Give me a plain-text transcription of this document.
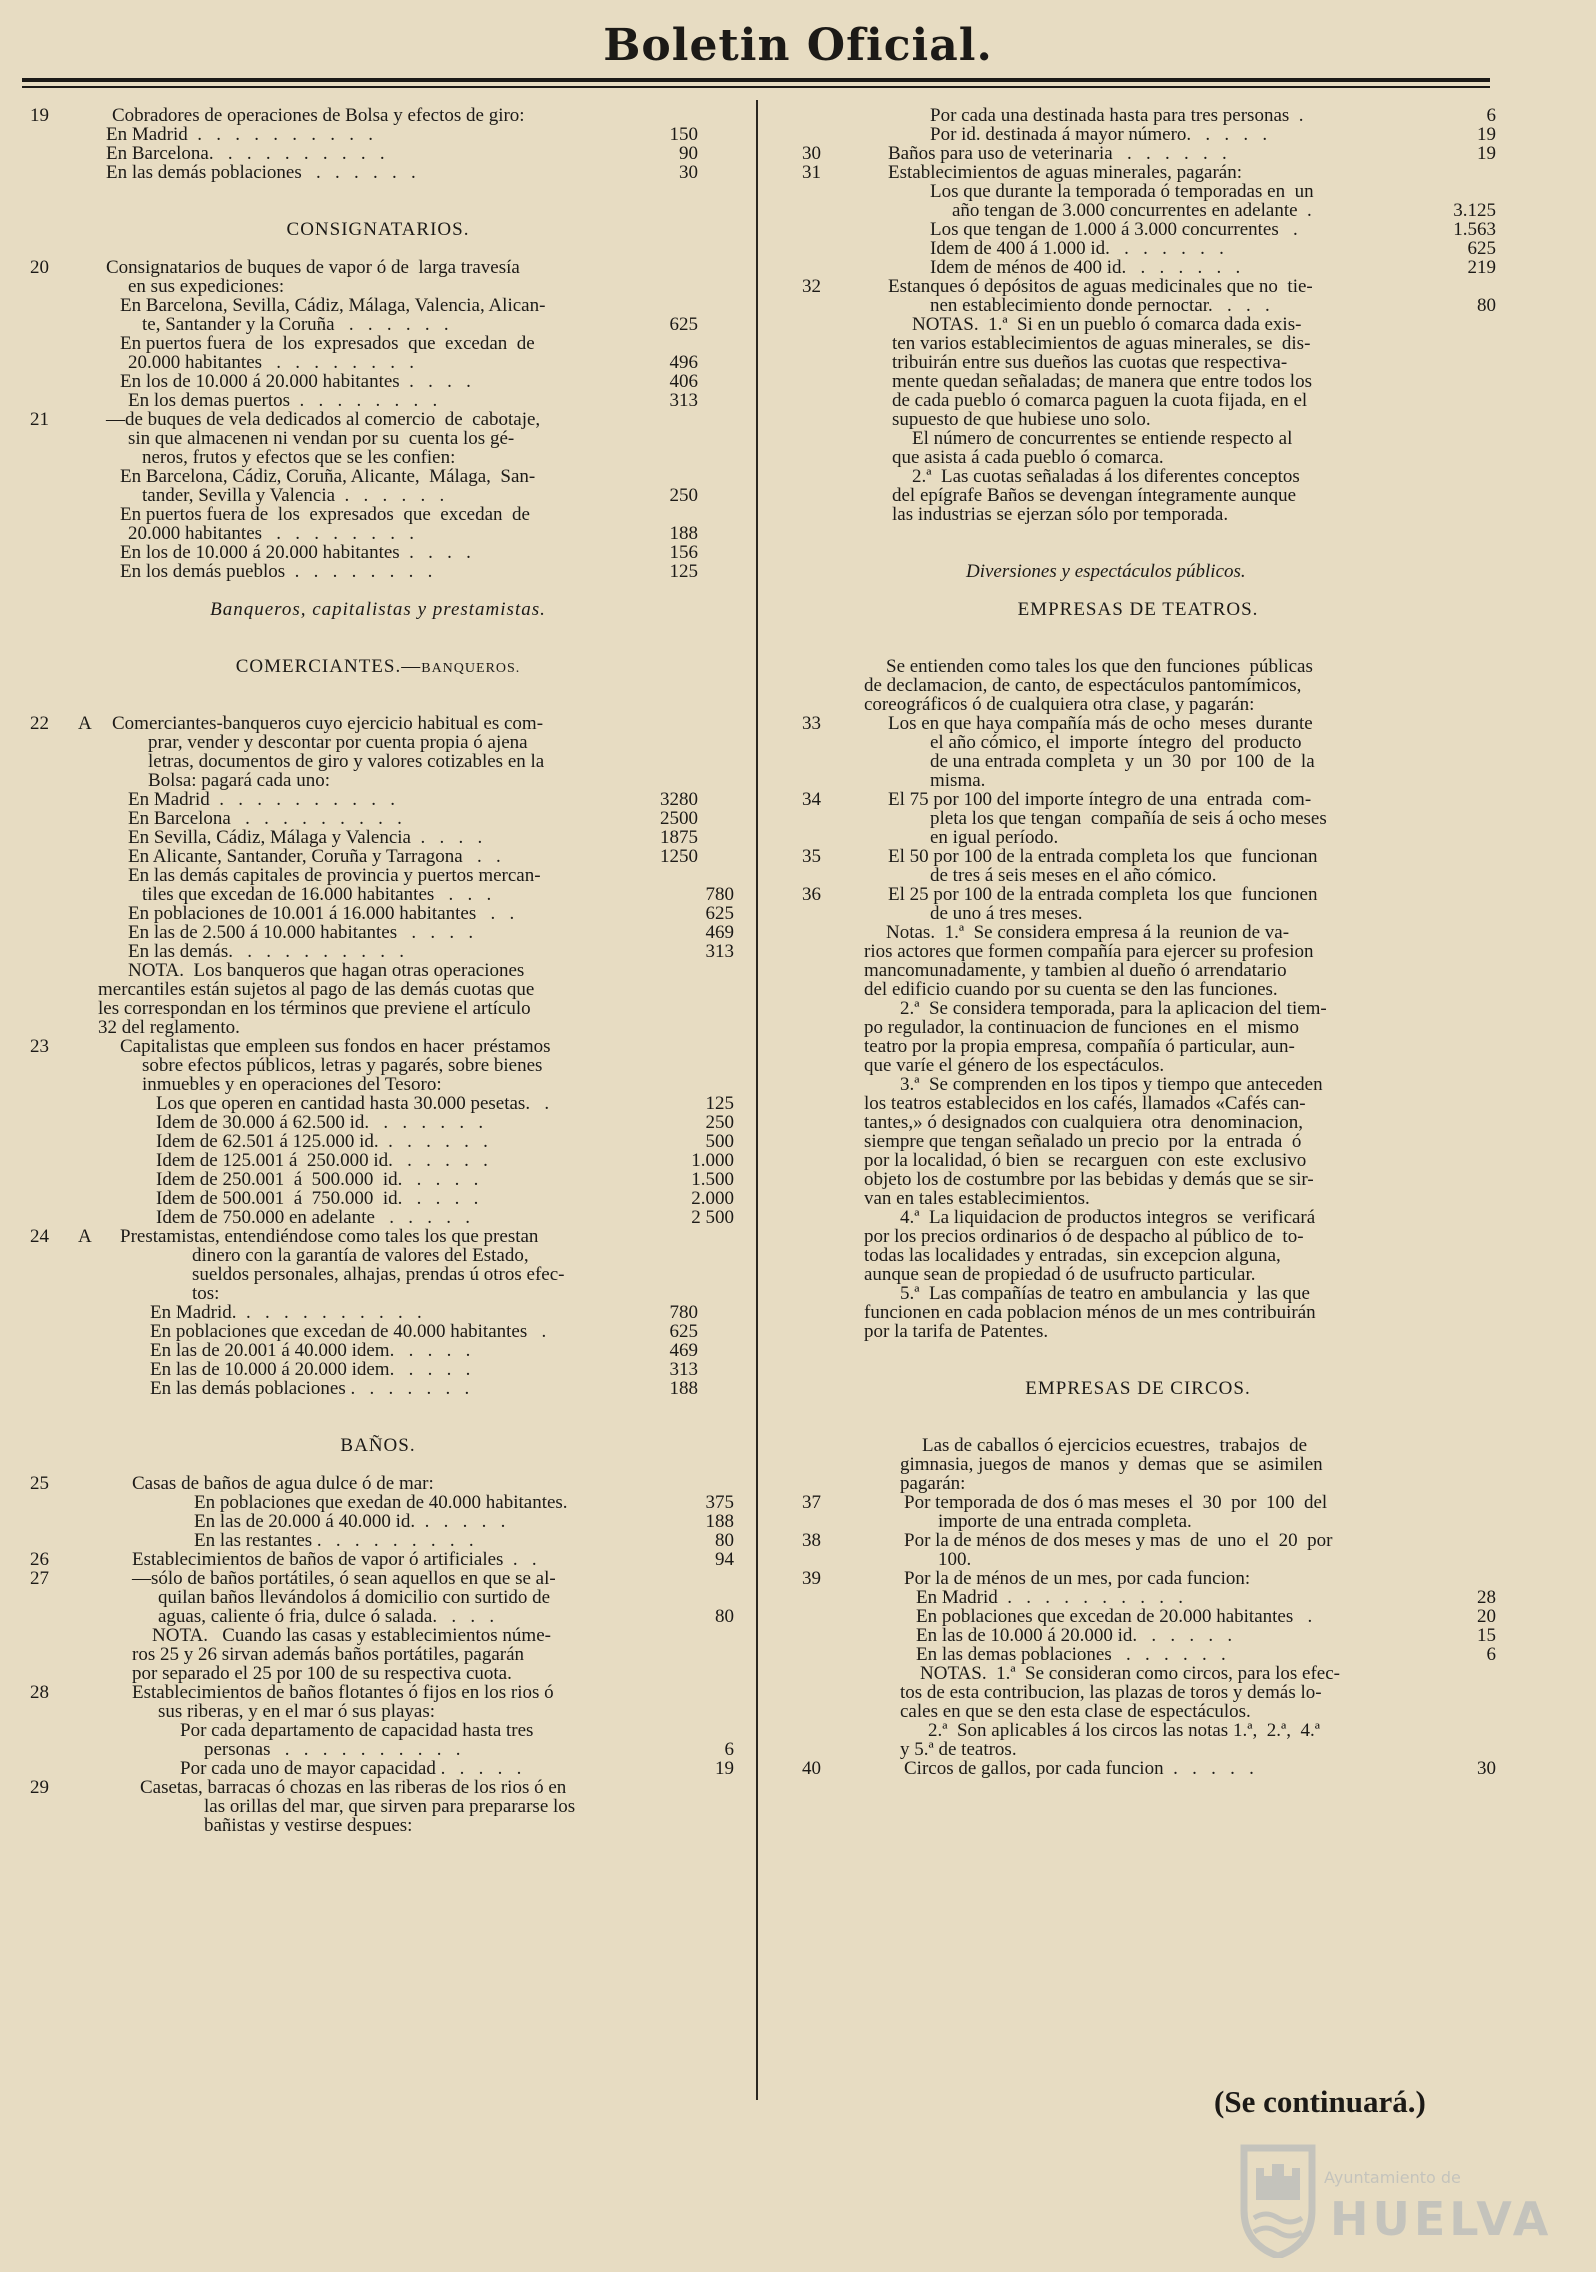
Boletin Oficial.
19	Cobradores de operaciones de Bolsa y efectos de giro:
En Madrid  .   .   .   .   .   .   .   .   .   .	150
En Barcelona.   .   .   .   .   .   .   .   .   .	90
En las demás poblaciones   .   .   .   .   .   .	30
CONSIGNATARIOS.
20	Consignatarios de buques de vapor ó de  larga travesía
en sus expediciones:
En Barcelona, Sevilla, Cádiz, Málaga, Valencia, Alican-
te, Santander y la Coruña   .   .   .   .   .   .	625
En puertos fuera  de  los  expresados  que  excedan  de
20.000 habitantes   .   .   .   .   .   .   .   .	496
En los de 10.000 á 20.000 habitantes  .   .   .   .	406
En los demas puertos  .   .   .   .   .   .   .   .	313
21	—de buques de vela dedicados al comercio  de  cabotaje,
sin que almacenen ni vendan por su  cuenta los gé-
neros, frutos y efectos que se les confien:
En Barcelona, Cádiz, Coruña, Alicante,  Málaga,  San-
tander, Sevilla y Valencia  .   .   .   .   .   .	250
En puertos fuera de  los  expresados  que  excedan  de
20.000 habitantes   .   .   .   .   .   .   .   .	188
En los de 10.000 á 20.000 habitantes  .   .   .   .	156
En los demás pueblos  .   .   .   .   .   .   .   .	125
Banqueros, capitalistas y prestamistas.
COMERCIANTES.—BANQUEROS.
22 A Comerciantes-banqueros cuyo ejercicio habitual es com-
prar, vender y descontar por cuenta propia ó ajena
letras, documentos de giro y valores cotizables en la
Bolsa: pagará cada uno:
En Madrid  .   .   .   .   .   .   .   .   .   .	3280
En Barcelona   .   .   .   .   .   .   .   .   .	2500
En Sevilla, Cádiz, Málaga y Valencia  .   .   .   .	1875
En Alicante, Santander, Coruña y Tarragona   .   .	1250
En las demás capitales de provincia y puertos mercan-
tiles que excedan de 16.000 habitantes   .   .   .	780
En poblaciones de 10.001 á 16.000 habitantes   .   .	625
En las de 2.500 á 10.000 habitantes   .   .   .   .	469
En las demás.   .   .   .   .   .   .   .   .   .	313
NOTA.  Los banqueros que hagan otras operaciones
mercantiles están sujetos al pago de las demás cuotas que
les correspondan en los términos que previene el artículo
32 del reglamento.
23	Capitalistas que empleen sus fondos en hacer  préstamos
sobre efectos públicos, letras y pagarés, sobre bienes
inmuebles y en operaciones del Tesoro:
Los que operen en cantidad hasta 30.000 pesetas.   .	125
Idem de 30.000 á 62.500 id.   .   .   .   .   .   .	250
Idem de 62.501 á 125.000 id.  .   .   .   .   .   .	500
Idem de 125.001 á  250.000 id.   .   .   .   .   .	1.000
Idem de 250.001  á  500.000  id.   .   .   .   .	1.500
Idem de 500.001  á  750.000  id.   .   .   .   .	2.000
Idem de 750.000 en adelante   .   .   .   .   .	2 500
24 A Prestamistas, entendiéndose como tales los que prestan
dinero con la garantía de valores del Estado,
sueldos personales, alhajas, prendas ú otros efec-
tos:
En Madrid.  .   .   .   .   .   .   .   .   .   .	780
En poblaciones que excedan de 40.000 habitantes   .	625
En las de 20.001 á 40.000 idem.   .   .   .   .	469
En las de 10.000 á 20.000 idem.   .   .   .   .	313
En las demás poblaciones .   .   .   .   .   .   .	188
BAÑOS.
25	Casas de baños de agua dulce ó de mar:
En poblaciones que exedan de 40.000 habitantes.	375
En las de 20.000 á 40.000 id.  .   .   .   .   .	188
En las restantes .   .   .   .   .   .   .   .   .	80
26	Establecimientos de baños de vapor ó artificiales  .   .	94
27	—sólo de baños portátiles, ó sean aquellos en que se al-
quilan baños llevándolos á domicilio con surtido de
aguas, caliente ó fria, dulce ó salada.   .   .   .	80
NOTA.   Cuando las casas y establecimientos núme-
ros 25 y 26 sirvan además baños portátiles, pagarán
por separado el 25 por 100 de su respectiva cuota.
28	Establecimientos de baños flotantes ó fijos en los rios ó
sus riberas, y en el mar ó sus playas:
Por cada departamento de capacidad hasta tres
personas   .   .   .   .   .   .   .   .   .   .	6
Por cada uno de mayor capacidad .   .   .   .   .	19
29	Casetas, barracas ó chozas en las riberas de los rios ó en
las orillas del mar, que sirven para prepararse los
bañistas y vestirse despues:
Por cada una destinada hasta para tres personas  .	6
Por id. destinada á mayor número.   .   .   .   .	19
30	Baños para uso de veterinaria   .   .   .   .   .   .	19
31	Establecimientos de aguas minerales, pagarán:
Los que durante la temporada ó temporadas en  un
año tengan de 3.000 concurrentes en adelante  .	3.125
Los que tengan de 1.000 á 3.000 concurrentes   .	1.563
Idem de 400 á 1.000 id.   .   .   .   .   .   .	625
Idem de ménos de 400 id.   .   .   .   .   .   .	219
32	Estanques ó depósitos de aguas medicinales que no  tie-
nen establecimiento donde pernoctar.   .   .   .	80
NOTAS.  1.ª  Si en un pueblo ó comarca dada exis-
ten varios establecimientos de aguas minerales, se  dis-
tribuirán entre sus dueños las cuotas que respectiva-
mente quedan señaladas; de manera que entre todos los
de cada pueblo ó comarca paguen la cuota fijada, en el
supuesto de que hubiese uno solo.
El número de concurrentes se entiende respecto al
que asista á cada pueblo ó comarca.
2.ª  Las cuotas señaladas á los diferentes conceptos
del epígrafe Baños se devengan íntegramente aunque
las industrias se ejerzan sólo por temporada.
Diversiones y espectáculos públicos.
EMPRESAS DE TEATROS.
Se entienden como tales los que den funciones  públicas
de declamacion, de canto, de espectáculos pantomímicos,
coreográficos ó de cualquiera otra clase, y pagarán:
33	Los en que haya compañía más de ocho  meses  durante
el año cómico, el  importe  íntegro  del  producto
de una entrada completa  y  un  30  por  100  de  la
misma.
34	El 75 por 100 del importe íntegro de una  entrada  com-
pleta los que tengan  compañía de seis á ocho meses
en igual período.
35	El 50 por 100 de la entrada completa los  que  funcionan
de tres á seis meses en el año cómico.
36	El 25 por 100 de la entrada completa  los que  funcionen
de uno á tres meses.
Notas.  1.ª  Se considera empresa á la  reunion de va-
rios actores que formen compañía para ejercer su profesion
mancomunadamente, y tambien al dueño ó arrendatario
del edificio cuando por su cuenta se den las funciones.
2.ª  Se considera temporada, para la aplicacion del tiem-
po regulador, la continuacion de funciones  en  el  mismo
teatro por la propia empresa, compañía ó particular, aun-
que varíe el género de los espectáculos.
3.ª  Se comprenden en los tipos y tiempo que anteceden
los teatros establecidos en los cafés, llamados «Cafés can-
tantes,» ó designados con cualquiera  otra  denominacion,
siempre que tengan señalado un precio  por  la  entrada  ó
por la localidad, ó bien  se  recarguen  con  este  exclusivo
objeto los de costumbre por las bebidas y demás que se sir-
van en tales establecimientos.
4.ª  La liquidacion de productos integros  se  verificará
por los precios ordinarios ó de despacho al público de  to-
todas las localidades y entradas,  sin excepcion alguna,
aunque sean de propiedad ó de usufructo particular.
5.ª  Las compañías de teatro en ambulancia  y  las que
funcionen en cada poblacion ménos de un mes contribuirán
por la tarifa de Patentes.
EMPRESAS DE CIRCOS.
Las de caballos ó ejercicios ecuestres,  trabajos  de
gimnasia, juegos de  manos  y  demas  que  se  asimilen
pagarán:
37	Por temporada de dos ó mas meses  el  30  por  100  del
importe de una entrada completa.
38	Por la de ménos de dos meses y mas  de  uno  el  20  por
100.
39	Por la de ménos de un mes, por cada funcion:
En Madrid  .   .   .   .   .   .   .   .   .   .	28
En poblaciones que excedan de 20.000 habitantes   .	20
En las de 10.000 á 20.000 id.   .   .   .   .   .	15
En las demas poblaciones   .   .   .   .   .   .	6
NOTAS.  1.ª  Se consideran como circos, para los efec-
tos de esta contribucion, las plazas de toros y demás lo-
cales en que se den esta clase de espectáculos.
2.ª  Son aplicables á los circos las notas 1.ª,  2.ª,  4.ª
y 5.ª de teatros.
40	Circos de gallos, por cada funcion  .   .   .   .   .	30
(Se continuará.)
Ayuntamiento de
HUELVA
